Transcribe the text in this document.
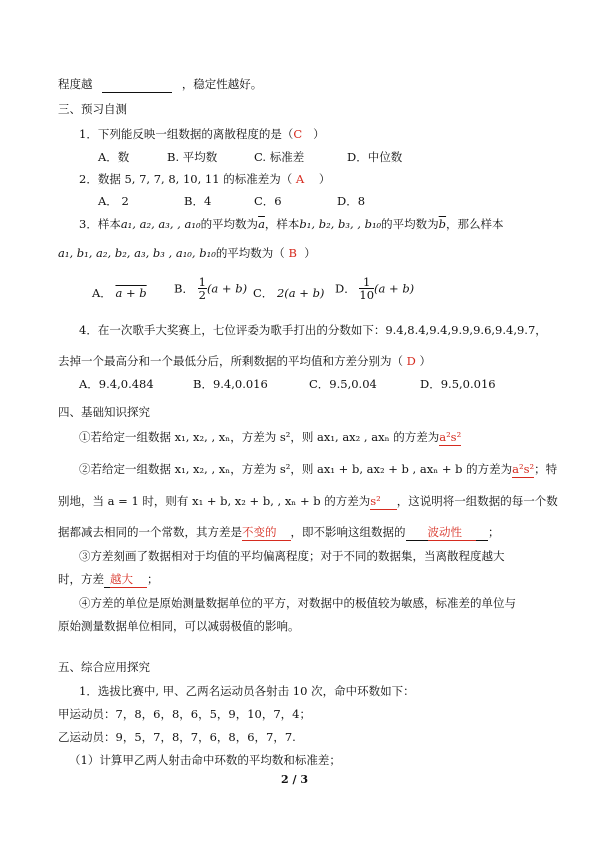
程度越	，稳定性越好。
三、预习自测
1．下列能反映一组数据的离散程度的是（C ）
A．数	B. 平均数	C. 标准差	D．中位数
2．数据 5, 7, 7, 8, 10, 11 的标准差为（ A ）
A． 2	B．4	C．6	D．8
3．样本a₁, a₂, a₃, , a₁₀的平均数为$\overline{a}$，样本b₁, b₂, b₃, , b₁₀的平均数为$\overline{b}$，那么样本
a₁, b₁, a₂, b₂, a₃, b₃ , a₁₀, b₁₀的平均数为（ B ）
A． a + b B． $\frac{1}{2} (a + b)$ C． 2(a + b) D． $\frac{1}{10} (a + b)$
4．在一次歌手大奖赛上，七位评委为歌手打出的分数如下：9.4,8.4,9.4,9.9,9.6,9.4,9.7，
去掉一个最高分和一个最低分后，所剩数据的平均值和方差分别为（ D ）
A．9.4,0.484	B．9.4,0.016	C．9.5,0.04	D．9.5,0.016
四、基础知识探究
①若给定一组数据 x₁, x₂, , xₙ，方差为 s²，则 ax₁, ax₂ , axₙ 的方差为a²s²
②若给定一组数据 x₁, x₂, , xₙ，方差为 s²，则 ax₁ + b, ax₂ + b , axₙ + b 的方差为a²s²；特
别地，当 a = 1 时，则有 x₁ + b, x₂ + b, , xₙ + b 的方差为s² ，这说明将一组数据的每一个数
据都减去相同的一个常数，其方差是不变的 ，即不影响这组数据的 波动性 ；
③方差刻画了数据相对于均值的平均偏离程度；对于不同的数据集，当离散程度越大
时，方差 越大 ；
④方差的单位是原始测量数据单位的平方，对数据中的极值较为敏感，标准差的单位与
原始测量数据单位相同，可以减弱极值的影响。
五、综合应用探究
1．选拔比赛中, 甲、乙两名运动员各射击 10 次，命中环数如下：
甲运动员：7，8，6，8，6，5，9，10，7，4；
乙运动员：9，5，7，8，7，6，8，6，7，7.
（1）计算甲乙两人射击命中环数的平均数和标准差；
2 / 3
